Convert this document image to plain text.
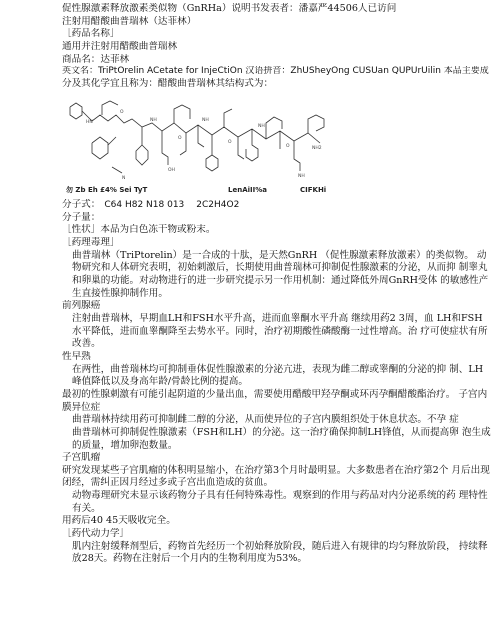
促性腺激素释放激素类似物（GnRHa）说明书发表者：潘嘉严44506人已访问
注射用醋酸曲普瑞林（达菲林）
［药品名称］
通用并注射用醋酸曲普瑞林
商品名：达菲林
英文名：TriPtOrelin ACetate for InjeCtiOn 汉语拼音：ZhUSheyOng CUSUan QUPUrUilin 本品主要成
分及其化学宜且称为：醋酸曲普瑞林其结构式为：
HN
O
NH
O
NH
O
NH
O	NH2
OH
NH
N
勿 Zb Eh £4% Sei TyT	LenAiII%a	CIFKHi
分子式： C64 H82 N18 013 2C2H4O2
分子量：
［性状］本品为白色冻干物或粉末。
［药理毒理］
曲普瑞林（TriPtorelin）是一合成的十肽，是天然GnRH （促性腺激素释放激素）的类似物。 动物研究和人体研究表明，初始刺激后，长期使用曲普瑞林可抑制促性腺激素的分泌，从而抑 制睾丸和卵巢的功能。对动物进行的进一步研究提示另一作用机制：通过降低外周GnRH受体 的敏感性产生直接性腺抑制作用。
前列腺癌
注射曲普瑞林，早期血LH和FSH水平升高，进而血睾酮水平升高 继续用药2 3周，血 LH和FSH水平降低，进而血睾酮降至去势水平。同时，治疗初期酸性磷酸酶一过性增高。治 疗可使症状有所改善。
性早熟
在两性，曲普瑞林均可抑制垂体促性腺激素的分泌亢进，表现为雌二醇或睾酮的分泌的抑 制、LH峰值降低以及身高年龄/骨龄比例的提高。
最初的性腺刺激有可能引起阴道的少量出血，需要使用醋酸甲羟孕酮或环丙孕酮醋酸酯治疗。 子宫内膜异位症
曲普瑞林持续用药可抑制雌二醇的分泌，从而使异位的子宫内膜组织处于休息状态。不孕 症
曲普瑞林可抑制促性腺激素（FSH和LH）的分泌。这一治疗确保抑制LH锋值，从而提高卵 泡生成的质量，增加卵泡数量。
子宫肌瘤
研究发现某些子宫肌瘤的体积明显缩小，在治疗第3个月时最明显。大多数患者在治疗第2个 月后出现闭经，需纠正因月经过多或子宫出血造成的贫血。
动物毒理研究未显示该药物分子具有任何特殊毒性。观察到的作用与药品对内分泌系统的药 理特性有关。
用药后40 45天吸收完全。
［药代动力学］
肌内注射缓释剂型后，药物首先经历一个初始释放阶段，随后进入有规律的均匀释放阶段， 持续释放28天。药物在注射后一个月内的生物利用度为53%。
